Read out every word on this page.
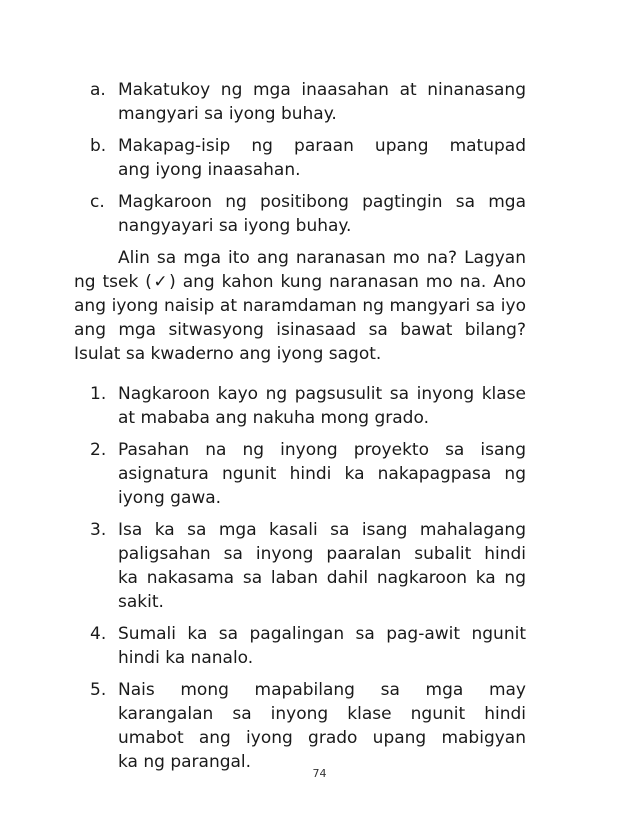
a. Makatukoy ng mga inaasahan at ninanasang
mangyari sa iyong buhay.
b. Makapag-isip ng paraan upang matupad
ang iyong inaasahan.
c. Magkaroon ng positibong pagtingin sa mga
nangyayari sa iyong buhay.
Alin sa mga ito ang naranasan mo na? Lagyan
ng tsek (✓) ang kahon kung naranasan mo na. Ano
ang iyong naisip at naramdaman ng mangyari sa iyo
ang mga sitwasyong isinasaad sa bawat bilang?
Isulat sa kwaderno ang iyong sagot.
1. Nagkaroon kayo ng pagsusulit sa inyong klase
at mababa ang nakuha mong grado.
2. Pasahan na ng inyong proyekto sa isang
asignatura ngunit hindi ka nakapagpasa ng
iyong gawa.
3. Isa ka sa mga kasali sa isang mahalagang
paligsahan sa inyong paaralan subalit hindi
ka nakasama sa laban dahil nagkaroon ka ng
sakit.
4. Sumali ka sa pagalingan sa pag-awit ngunit
hindi ka nanalo.
5. Nais mong mapabilang sa mga may
karangalan sa inyong klase ngunit hindi
umabot ang iyong grado upang mabigyan
ka ng parangal.
74
